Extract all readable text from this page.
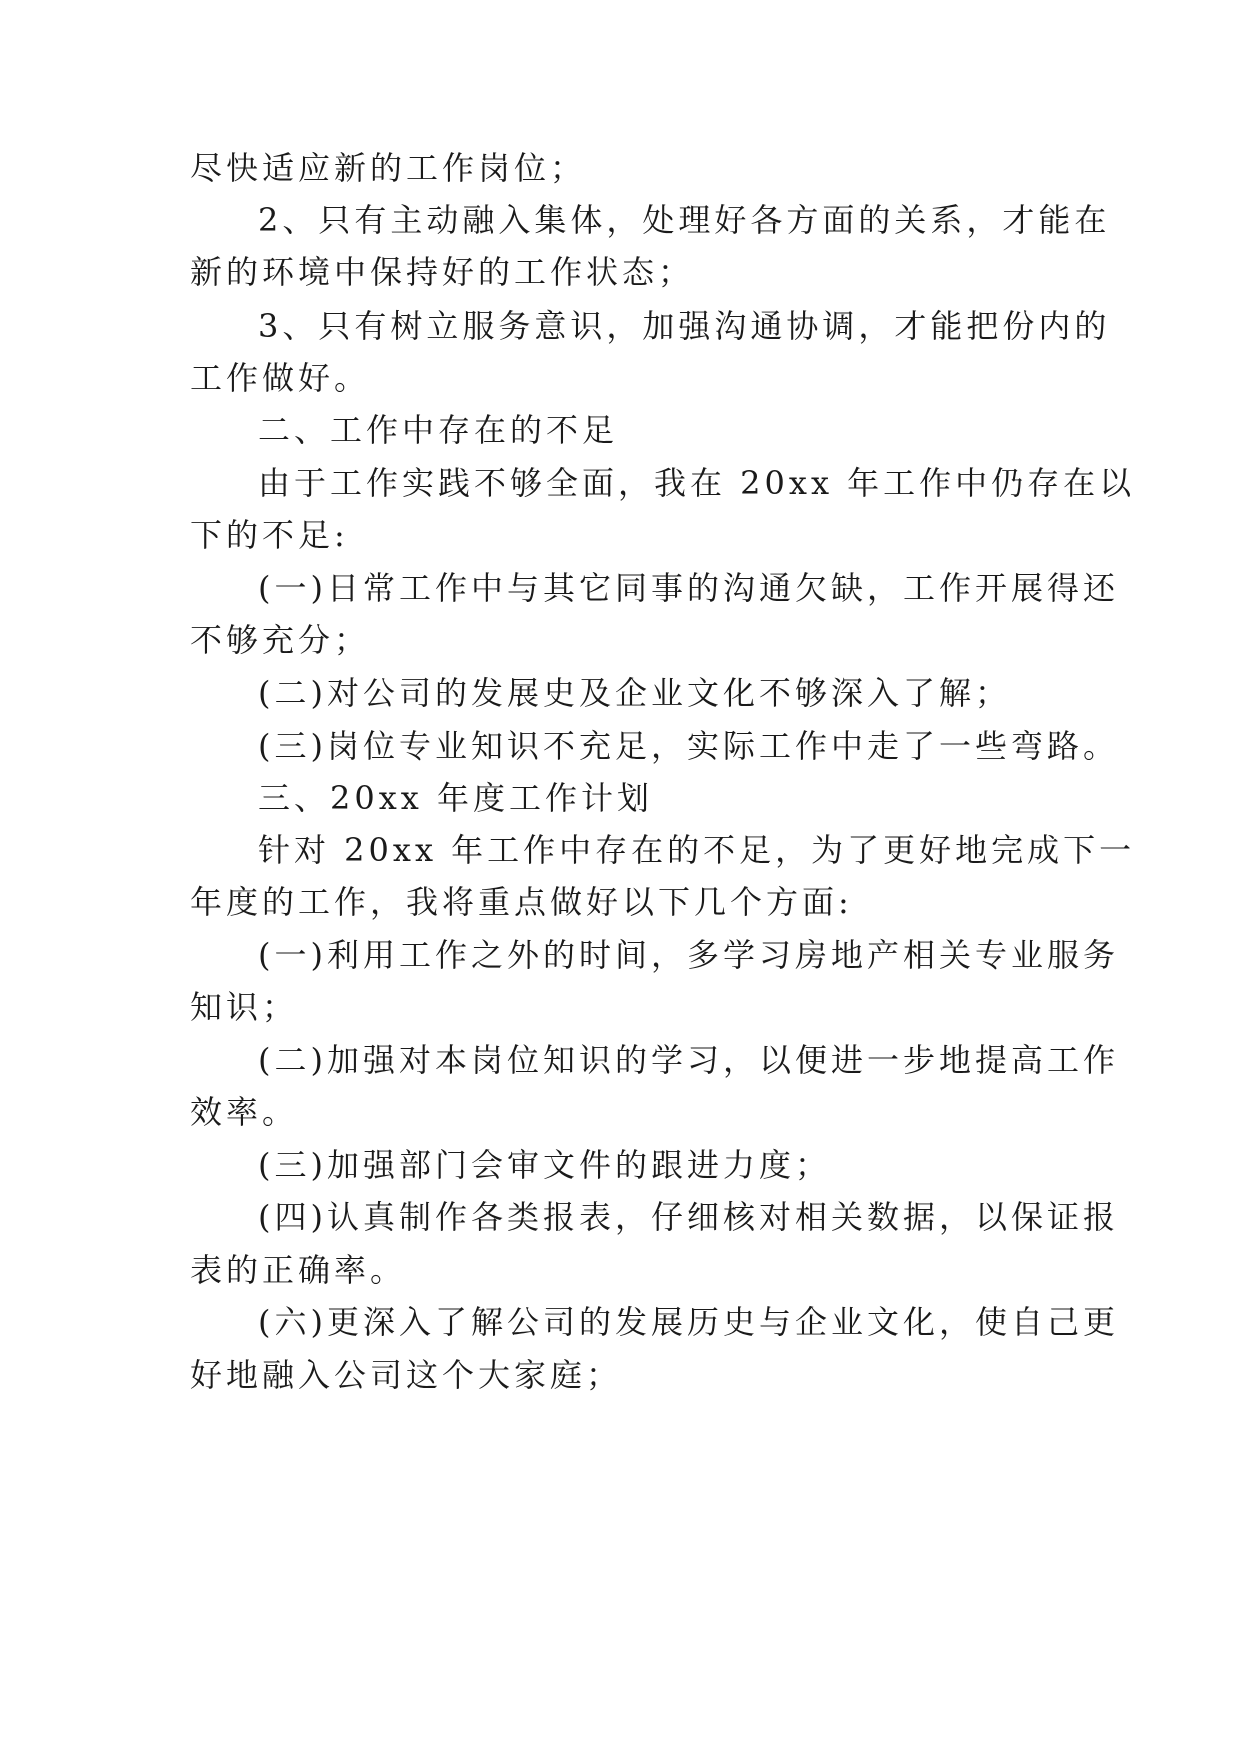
尽快适应新的工作岗位；
2、只有主动融入集体，处理好各方面的关系，才能在
新的环境中保持好的工作状态；
3、只有树立服务意识，加强沟通协调，才能把份内的
工作做好。
二、工作中存在的不足
由于工作实践不够全面，我在 20xx 年工作中仍存在以
下的不足:
(一)日常工作中与其它同事的沟通欠缺，工作开展得还
不够充分；
(二)对公司的发展史及企业文化不够深入了解；
(三)岗位专业知识不充足，实际工作中走了一些弯路。
三、20xx 年度工作计划
针对 20xx 年工作中存在的不足，为了更好地完成下一
年度的工作，我将重点做好以下几个方面:
(一)利用工作之外的时间，多学习房地产相关专业服务
知识；
(二)加强对本岗位知识的学习，以便进一步地提高工作
效率。
(三)加强部门会审文件的跟进力度；
(四)认真制作各类报表，仔细核对相关数据，以保证报
表的正确率。
(六)更深入了解公司的发展历史与企业文化，使自己更
好地融入公司这个大家庭；
